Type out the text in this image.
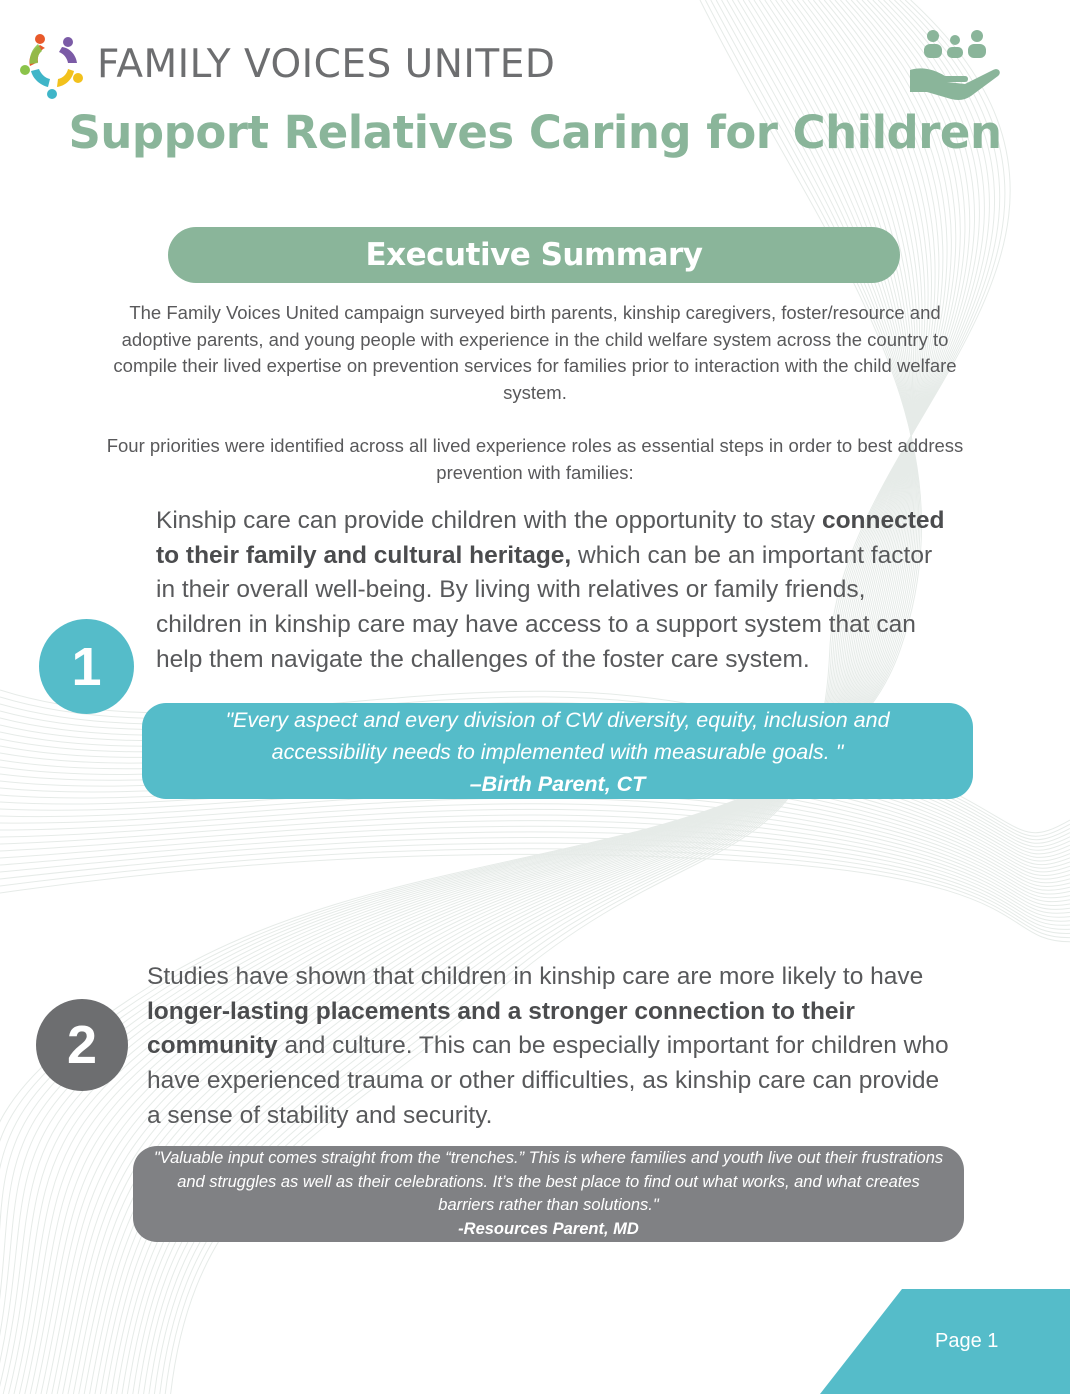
FAMILY VOICES UNITED
Support Relatives Caring for Children
Executive Summary
The Family Voices United campaign surveyed birth parents, kinship caregivers, foster/resource and adoptive parents, and young people with experience in the child welfare system across the country to compile their lived expertise on prevention services for families prior to interaction with the child welfare system.
Four priorities were identified across all lived experience roles as essential steps in order to best address prevention with families:
Kinship care can provide children with the opportunity to stay connected to their family and cultural heritage, which can be an important factor in their overall well-being. By living with relatives or family friends, children in kinship care may have access to a support system that can help them navigate the challenges of the foster care system.
1
"Every aspect and every division of CW diversity, equity, inclusion and
accessibility needs to implemented with measurable goals. "
–Birth Parent, CT
Studies have shown that children in kinship care are more likely to have longer-lasting placements and a stronger connection to their community and culture. This can be especially important for children who have experienced trauma or other difficulties, as kinship care can provide a sense of stability and security.
2
"Valuable input comes straight from the “trenches.” This is where families and youth live out their frustrations
and struggles as well as their celebrations. It’s the best place to find out what works, and what creates
barriers rather than solutions."
-Resources Parent, MD
Page 1
